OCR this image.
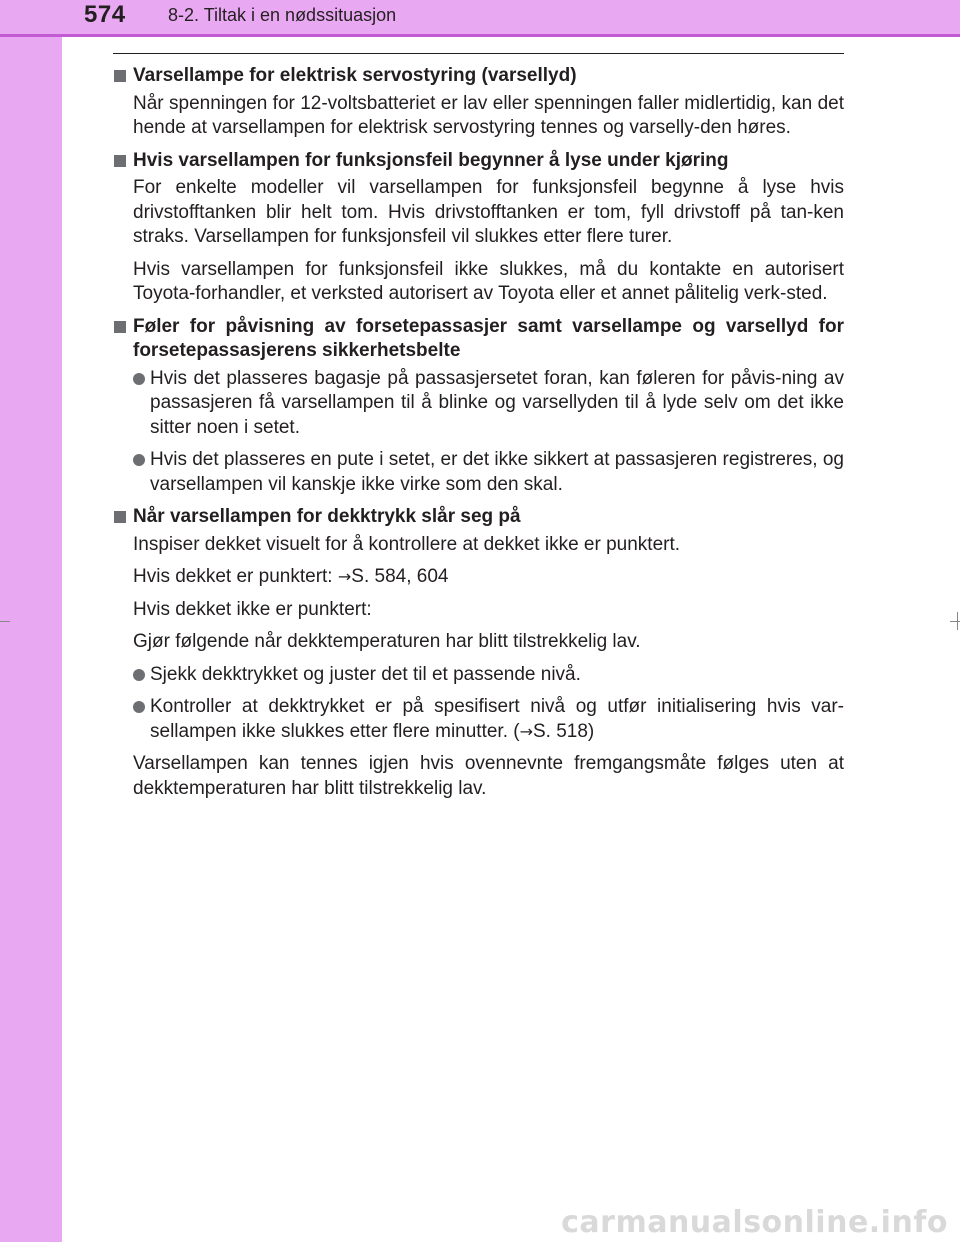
574 8-2. Tiltak i en nødssituasjon
Varsellampe for elektrisk servostyring (varsellyd)
Når spenningen for 12-voltsbatteriet er lav eller spenningen faller midlertidig, kan det hende at varsellampen for elektrisk servostyring tennes og varselly-den høres.
Hvis varsellampen for funksjonsfeil begynner å lyse under kjøring
For enkelte modeller vil varsellampen for funksjonsfeil begynne å lyse hvis drivstofftanken blir helt tom. Hvis drivstofftanken er tom, fyll drivstoff på tan-ken straks. Varsellampen for funksjonsfeil vil slukkes etter flere turer.
Hvis varsellampen for funksjonsfeil ikke slukkes, må du kontakte en autorisert Toyota-forhandler, et verksted autorisert av Toyota eller et annet pålitelig verk-sted.
Føler for påvisning av forsetepassasjer samt varsellampe og varsellyd for forsetepassasjerens sikkerhetsbelte
Hvis det plasseres bagasje på passasjersetet foran, kan føleren for påvis-ning av passasjeren få varsellampen til å blinke og varsellyden til å lyde selv om det ikke sitter noen i setet.
Hvis det plasseres en pute i setet, er det ikke sikkert at passasjeren registreres, og varsellampen vil kanskje ikke virke som den skal.
Når varsellampen for dekktrykk slår seg på
Inspiser dekket visuelt for å kontrollere at dekket ikke er punktert.
Hvis dekket er punktert: →S. 584, 604
Hvis dekket ikke er punktert:
Gjør følgende når dekktemperaturen har blitt tilstrekkelig lav.
Sjekk dekktrykket og juster det til et passende nivå.
Kontroller at dekktrykket er på spesifisert nivå og utfør initialisering hvis var-sellampen ikke slukkes etter flere minutter. (→S. 518)
Varsellampen kan tennes igjen hvis ovennevnte fremgangsmåte følges uten at dekktemperaturen har blitt tilstrekkelig lav.
carmanualsonline.info
